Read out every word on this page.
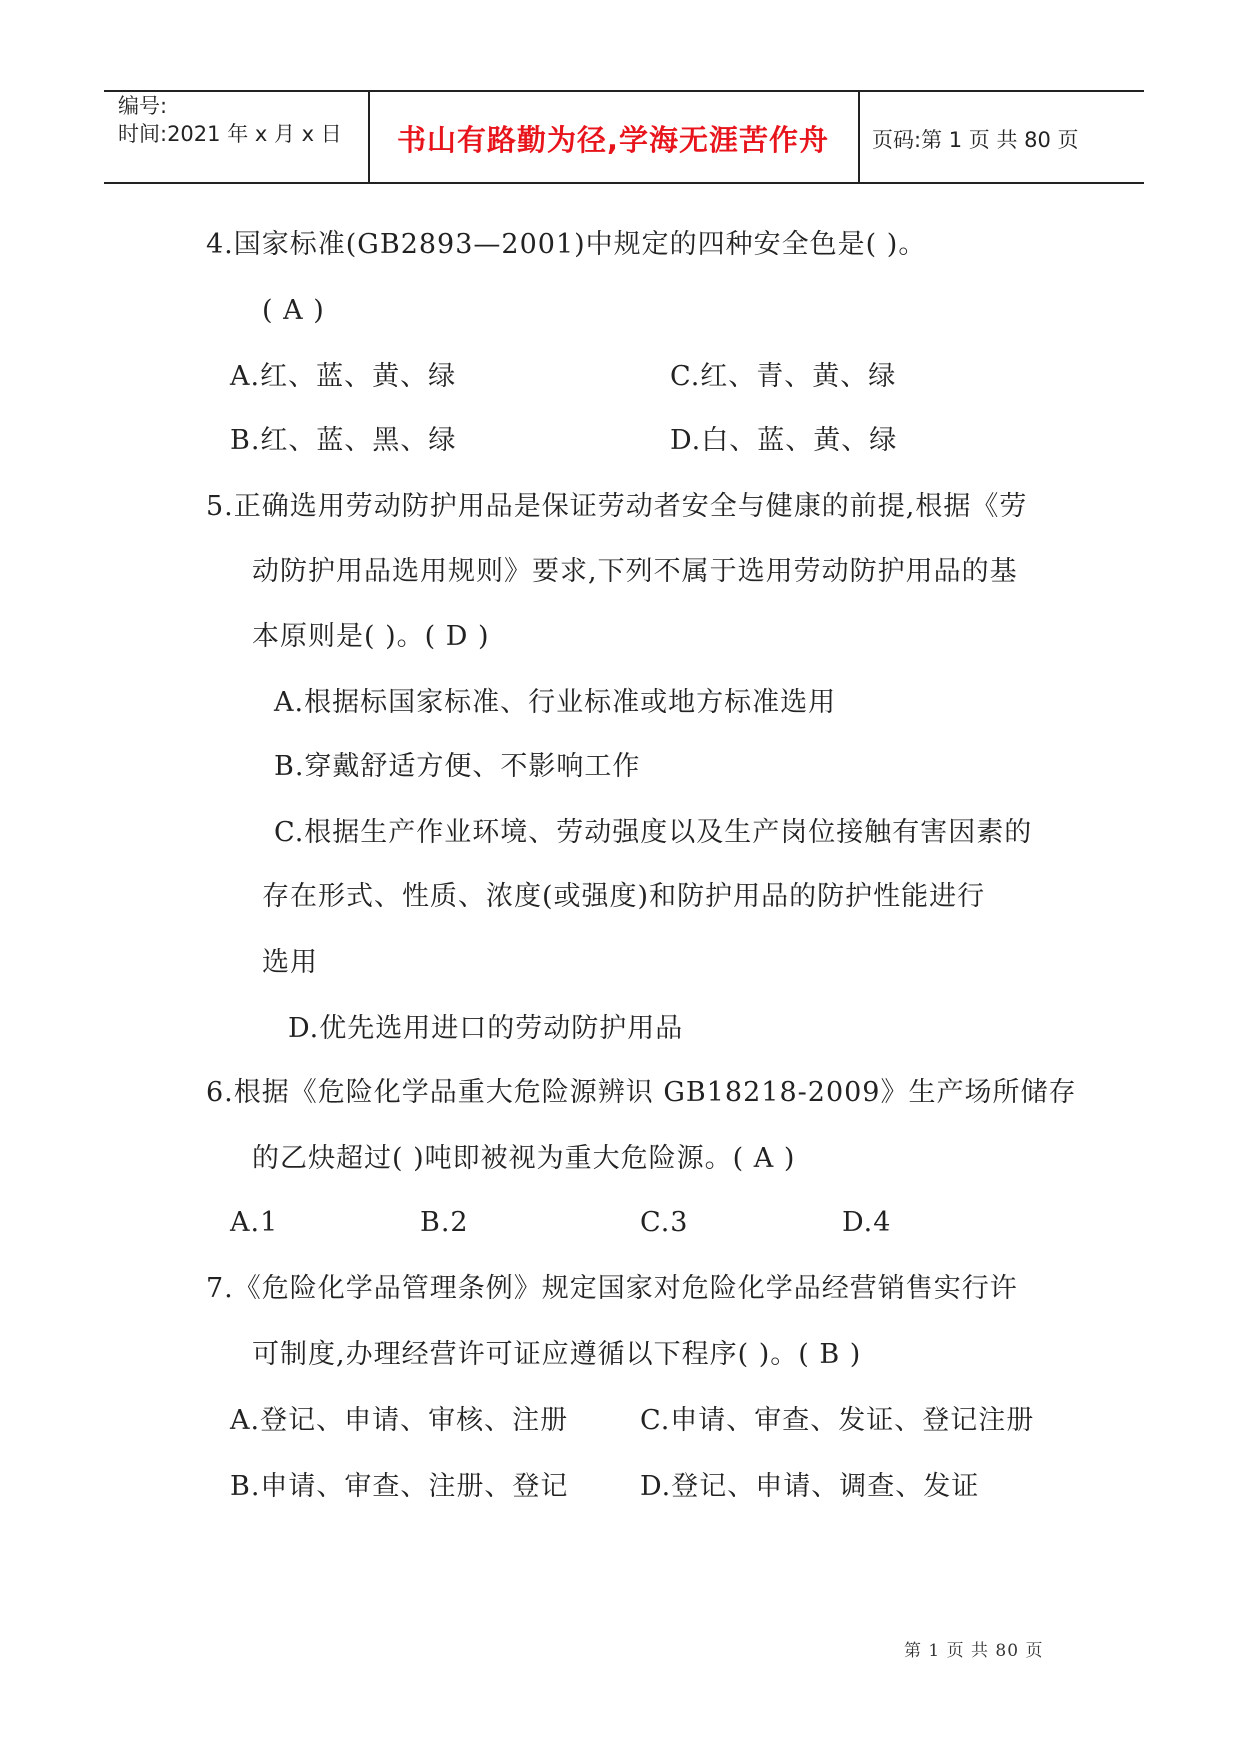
编号:
时间:2021 年 x 月 x 日	书山有路勤为径,学海无涯苦作舟	页码:第 1 页 共 80 页
4.国家标准(GB2893—2001)中规定的四种安全色是( )。
( A )
A.红、蓝、黄、绿	C.红、青、黄、绿
B.红、蓝、黑、绿	D.白、蓝、黄、绿
5.正确选用劳动防护用品是保证劳动者安全与健康的前提,根据《劳
动防护用品选用规则》要求,下列不属于选用劳动防护用品的基
本原则是( )。( D )
A.根据标国家标准、行业标准或地方标准选用
B.穿戴舒适方便、不影响工作
C.根据生产作业环境、劳动强度以及生产岗位接触有害因素的
存在形式、性质、浓度(或强度)和防护用品的防护性能进行
选用
D.优先选用进口的劳动防护用品
6.根据《危险化学品重大危险源辨识 GB18218-2009》生产场所储存
的乙炔超过( )吨即被视为重大危险源。( A )
A.1	B.2	C.3	D.4
7.《危险化学品管理条例》规定国家对危险化学品经营销售实行许
可制度,办理经营许可证应遵循以下程序( )。( B )
A.登记、申请、审核、注册	C.申请、审查、发证、登记注册
B.申请、审查、注册、登记	D.登记、申请、调查、发证
第 1 页 共 80 页
